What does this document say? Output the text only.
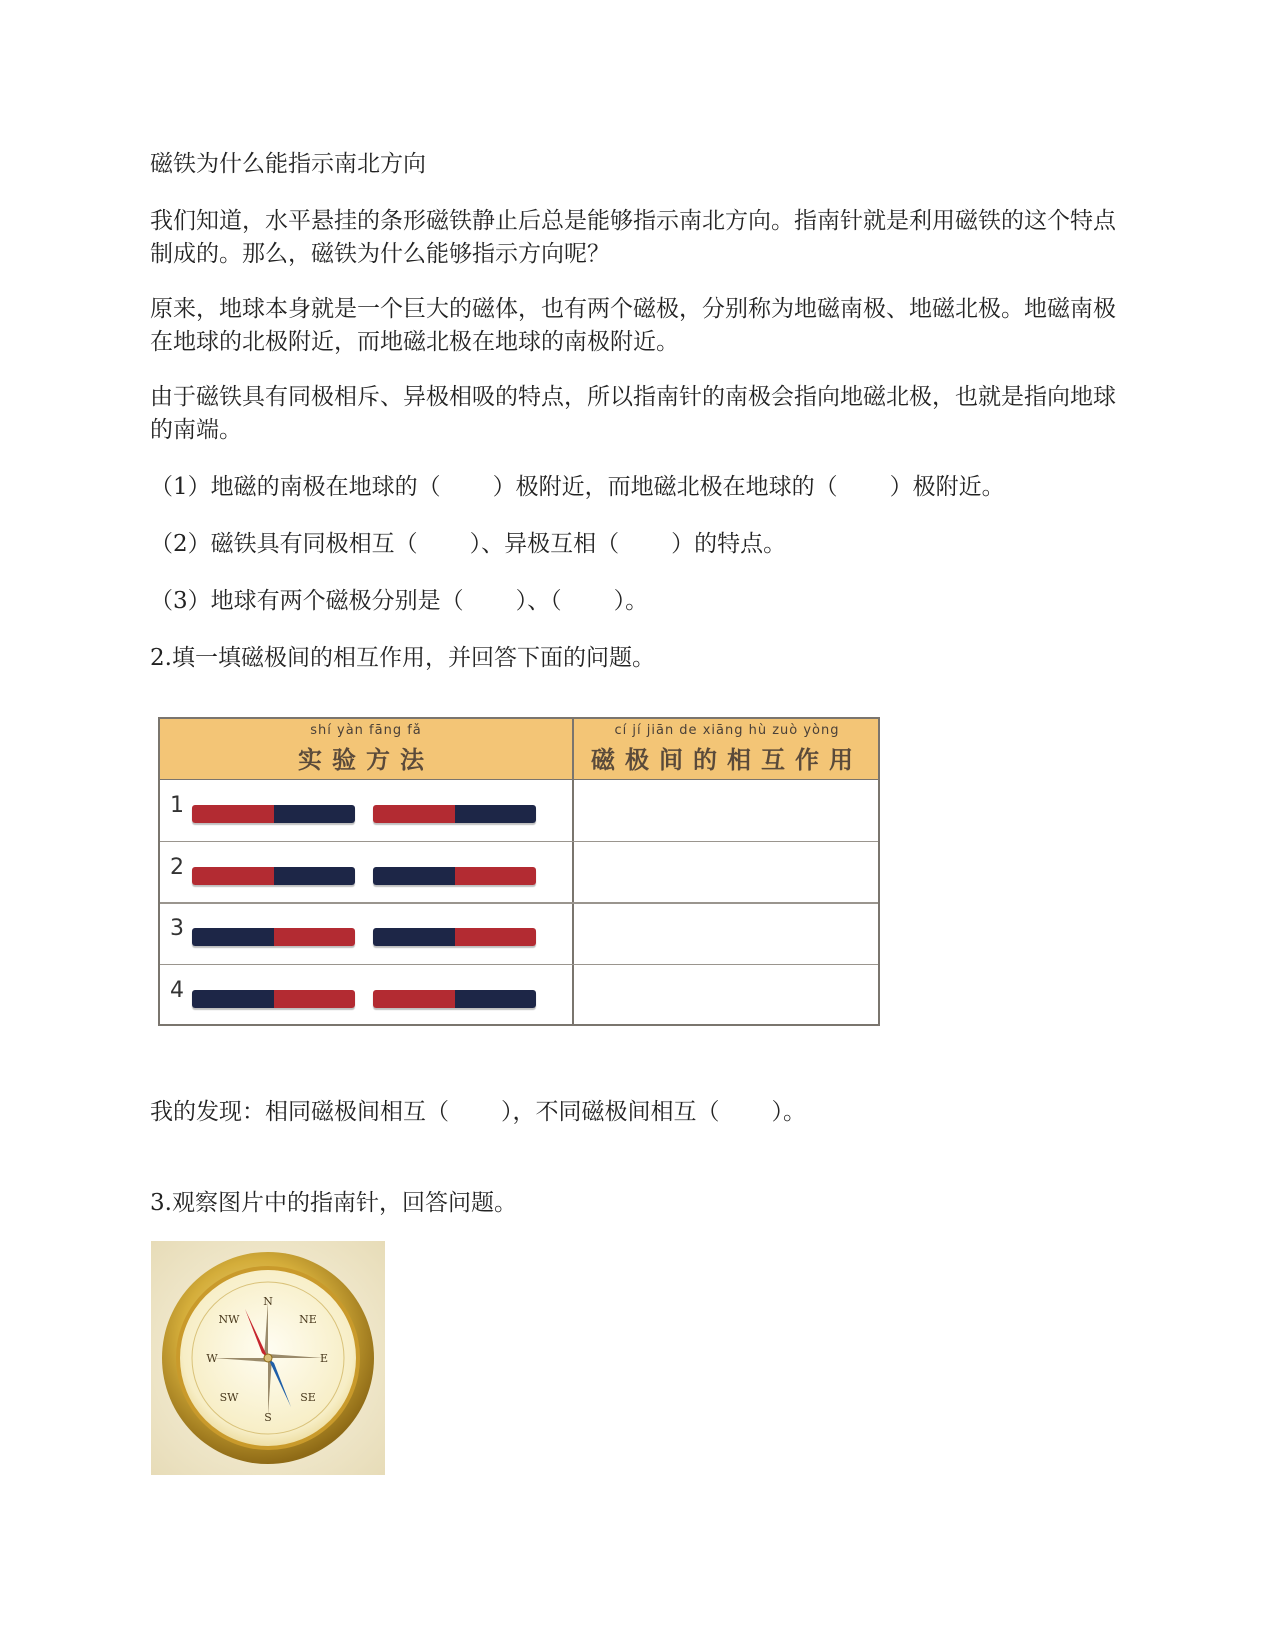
磁铁为什么能指示南北方向

我们知道，水平悬挂的条形磁铁静止后总是能够指示南北方向。指南针就是利用磁铁的这个特点制成的。那么，磁铁为什么能够指示方向呢？

原来，地球本身就是一个巨大的磁体，也有两个磁极，分别称为地磁南极、地磁北极。地磁南极在地球的北极附近，而地磁北极在地球的南极附近。

由于磁铁具有同极相斥、异极相吸的特点，所以指南针的南极会指向地磁北极，也就是指向地球的南端。

（1）地磁的南极在地球的（ ）极附近，而地磁北极在地球的（ ）极附近。

（2）磁铁具有同极相互（ ）、异极互相（ ）的特点。

（3）地球有两个磁极分别是（ ）、（ ）。

2.填一填磁极间的相互作用，并回答下面的问题。

shí yàn fāng fǎ
实验方法
cí jí jiān de xiāng hù zuò yòng
磁极间的相互作用
1
2
3
4

我的发现：相同磁极间相互（ ），不同磁极间相互（ ）。

3.观察图片中的指南针，回答问题。

N
S
E
W
NE
NW
SE
SW
